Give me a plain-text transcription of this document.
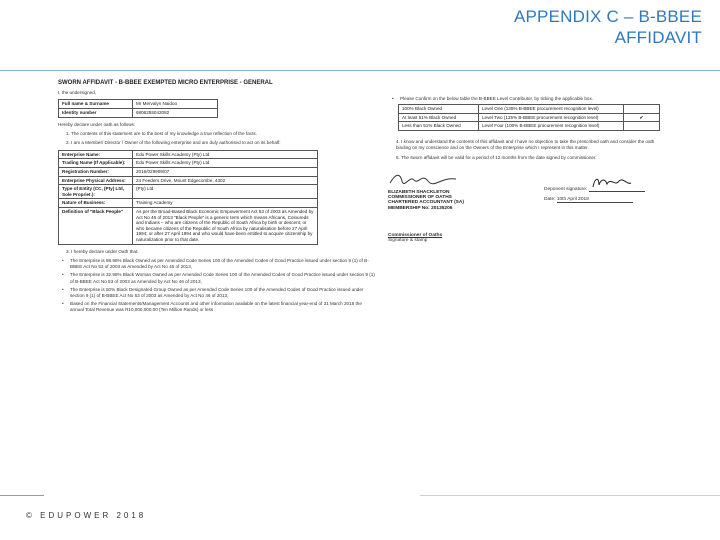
APPENDIX C – B-BBEE
AFFIDAVIT
SWORN AFFIDAVIT - B-BBEE EXEMPTED MICRO ENTERPRISE - GENERAL
I, the undersigned,
Full name & Surname	Mr Mervalyn Naidoo
Identity number	6806255042082
Hereby declare under oath as follows:
1. The contents of this statement are to the best of my knowledge a true reflection of the facts.
2. I am a Member/ Director / Owner of the following enterprise and am duly authorised to act on its behalf:
Enterprise Name:	Edu Power Skills Academy (Pty) Ltd
Trading Name (If Applicable):	Edu Power Skills Academy (Pty) Ltd
Registration Number:	2016/029909/07
Enterprise Physical Address:	24 Feeders Drive, Mount Edgecombe, 4302
Type of Entity (CC, (Pty) Ltd, Sole Propriet.):	(Pty) Ltd
Nature of Business:	Training Academy
Definition of "Black People"	As per the Broad-Based Black Economic Empowerment Act 53 of 2003 as Amended by Act No 46 of 2013 "Black People" is a generic term which means Africans, Coloureds and Indians – who are citizens of the Republic of South Africa by birth or descent; or who became citizens of the Republic of South Africa by naturalisation before 27 April 1994; or after 27 April 1994 and who would have been entitled to acquire citizenship by naturalization prior to that date.
3. I hereby declare under Oath that:
• The Enterprise is 88.98% Black Owned as per Amended Code Series 100 of the Amended Codes of Good Practice issued under section 9 (1) of B-BBEE Act No 53 of 2003 as Amended by Act No 46 of 2013,
• The Enterprise is 32.98% Black Woman Owned as per Amended Code Series 100 of the Amended Codes of Good Practice issued under section 9 (1) of B-BBEE Act No 53 of 2003 as Amended by Act No 46 of 2013,
• The Enterprise is 50% Black Designated Group Owned as per Amended Code Series 100 of the Amended Codes of Good Practice issued under section 9 (1) of B-BBEE Act No 53 of 2003 as Amended by Act No 46 of 2013,
• Based on the Financial Statements/Management Accounts and other information available on the latest financial year-end of 31 March 2018 the annual Total Revenue was R10,000,000.00 (Ten Million Rands) or less
• Please Confirm on the below table the B-BBEE Level Contributor, by ticking the applicable box.
100% Black Owned	Level One (135% B-BBEE procurement recognition level)	
At least 51% Black Owned	Level Two (125% B-BBEE procurement recognition level)	✔
Less than 51% Black Owned	Level Four (100% B-BBEE procurement recognition level)	
4. I know and understand the contents of this affidavit and I have no objection to take the prescribed oath and consider the oath binding on my conscience and on the Owners of the Enterprise which I represent in this matter.
5. The sworn affidavit will be valid for a period of 12 months from the date signed by commissioner.
ELIZABETH SHACKLETON
COMMISSIONER OF OATHS
CHARTERED ACCOUNTANT (SA)
MEMBERSHIP No: 20135206
Deponent signature:
Date: 10th April 2018
Commissioner of Oaths
Signature & stamp
© EDUPOWER 2018
